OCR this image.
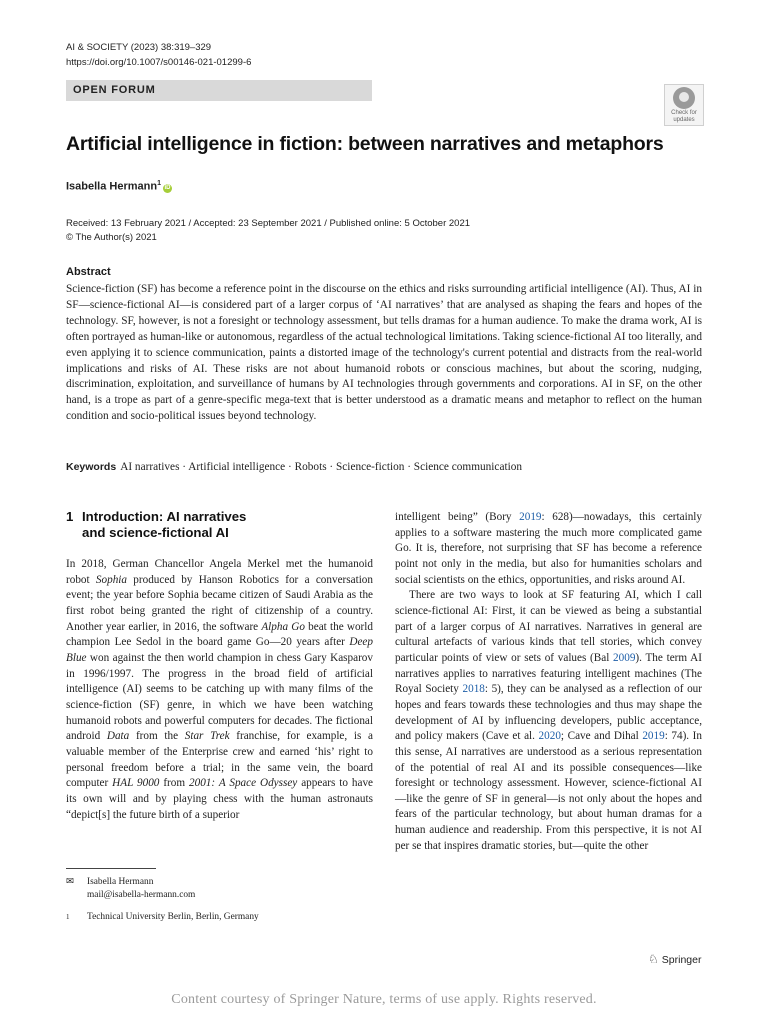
AI & SOCIETY (2023) 38:319–329
https://doi.org/10.1007/s00146-021-01299-6
OPEN FORUM
Check for
updates
Artificial intelligence in fiction: between narratives and metaphors
Isabella Hermann$^1$iD
Received: 13 February 2021 / Accepted: 23 September 2021 / Published online: 5 October 2021
© The Author(s) 2021
Abstract
Science-fiction (SF) has become a reference point in the discourse on the ethics and risks surrounding artificial intelligence (AI). Thus, AI in SF—science-fictional AI—is considered part of a larger corpus of ‘AI narratives’ that are analysed as shaping the fears and hopes of the technology. SF, however, is not a foresight or technology assessment, but tells dramas for a human audience. To make the drama work, AI is often portrayed as human-like or autonomous, regardless of the actual technological limitations. Taking science-fictional AI too literally, and even applying it to science communication, paints a distorted image of the technology's current potential and distracts from the real-world implications and risks of AI. These risks are not about humanoid robots or conscious machines, but about the scoring, nudging, discrimination, exploitation, and surveillance of humans by AI technologies through governments and corporations. AI in SF, on the other hand, is a trope as part of a genre-specific mega-text that is better understood as a dramatic means and metaphor to reflect on the human condition and socio-political issues beyond technology.
Keywords AI narratives · Artificial intelligence · Robots · Science-fiction · Science communication
1 Introduction: AI narratives
and science-fictional AI

In 2018, German Chancellor Angela Merkel met the humanoid robot Sophia produced by Hanson Robotics for a conversation event; the year before Sophia became citizen of Saudi Arabia as the first robot being granted the right of citizenship of a country. Another year earlier, in 2016, the software Alpha Go beat the world champion Lee Sedol in the board game Go—20 years after Deep Blue won against the then world champion in chess Gary Kasparov in 1996/1997. The progress in the broad field of artificial intelligence (AI) seems to be catching up with many films of the science-fiction (SF) genre, in which we have been watching humanoid robots and powerful computers for decades. The fictional android Data from the Star Trek franchise, for example, is a valuable member of the Enterprise crew and earned ‘his’ right to personal freedom before a trial; in the same vein, the board computer HAL 9000 from 2001: A Space Odyssey appears to have its own will and by playing chess with the human astronauts “depict[s] the future birth of a superior

intelligent being” (Bory 2019: 628)—nowadays, this certainly applies to a software mastering the much more complicated game Go. It is, therefore, not surprising that SF has become a reference point not only in the media, but also for humanities scholars and social scientists on the ethics, opportunities, and risks around AI.

There are two ways to look at SF featuring AI, which I call science-fictional AI: First, it can be viewed as being a substantial part of a larger corpus of AI narratives. Narratives in general are cultural artefacts of various kinds that tell stories, which convey particular points of view or sets of values (Bal 2009). The term AI narratives applies to narratives featuring intelligent machines (The Royal Society 2018: 5), they can be analysed as a reflection of our hopes and fears towards these technologies and thus may shape the development of AI by influencing developers, public acceptance, and policy makers (Cave et al. 2020; Cave and Dihal 2019: 74). In this sense, AI narratives are understood as a serious representation of the potential of real AI and its possible consequences—like foresight or technology assessment. However, science-fictional AI—like the genre of SF in general—is not only about the hopes and fears of the particular technology, but about human dramas for a human audience and readership. From this perspective, it is not AI per se that inspires dramatic stories, but—quite the other

✉ Isabella Hermann
mail@isabella-hermann.com
1 Technical University Berlin, Berlin, Germany
♘ Springer
Content courtesy of Springer Nature, terms of use apply. Rights reserved.
